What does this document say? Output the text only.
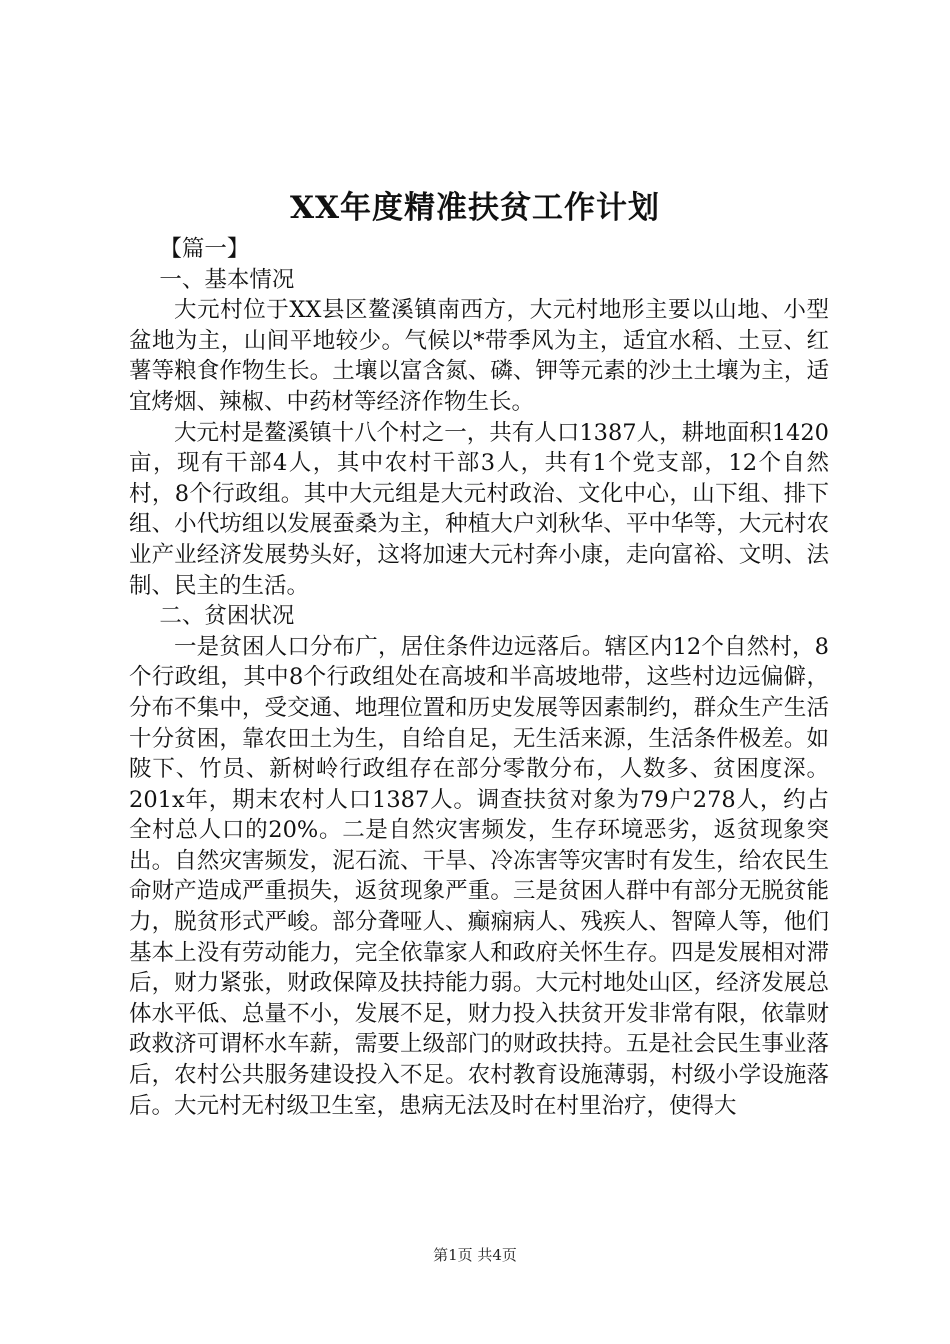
XX年度精准扶贫工作计划

【篇一】

一、基本情况

大元村位于XX县区鳌溪镇南西方，大元村地形主要以山地、小型盆地为主，山间平地较少。气候以*带季风为主，适宜水稻、土豆、红薯等粮食作物生长。土壤以富含氮、磷、钾等元素的沙土土壤为主，适宜烤烟、辣椒、中药材等经济作物生长。

大元村是鳌溪镇十八个村之一，共有人口1387人，耕地面积1420亩，现有干部4人，其中农村干部3人，共有1个党支部，12个自然村，8个行政组。其中大元组是大元村政治、文化中心，山下组、排下组、小代坊组以发展蚕桑为主，种植大户刘秋华、平中华等，大元村农业产业经济发展势头好，这将加速大元村奔小康，走向富裕、文明、法制、民主的生活。

二、贫困状况

一是贫困人口分布广，居住条件边远落后。辖区内12个自然村，8个行政组，其中8个行政组处在高坡和半高坡地带，这些村边远偏僻，分布不集中，受交通、地理位置和历史发展等因素制约，群众生产生活十分贫困，靠农田土为生，自给自足，无生活来源，生活条件极差。如陂下、竹员、新树岭行政组存在部分零散分布，人数多、贫困度深。201x年，期末农村人口1387人。调查扶贫对象为79户278人，约占全村总人口的20%。二是自然灾害频发，生存环境恶劣，返贫现象突出。自然灾害频发，泥石流、干旱、冷冻害等灾害时有发生，给农民生命财产造成严重损失，返贫现象严重。三是贫困人群中有部分无脱贫能力，脱贫形式严峻。部分聋哑人、癫痫病人、残疾人、智障人等，他们基本上没有劳动能力，完全依靠家人和政府关怀生存。四是发展相对滞后，财力紧张，财政保障及扶持能力弱。大元村地处山区，经济发展总体水平低、总量不小，发展不足，财力投入扶贫开发非常有限，依靠财政救济可谓杯水车薪，需要上级部门的财政扶持。五是社会民生事业落后，农村公共服务建设投入不足。农村教育设施薄弱，村级小学设施落后。大元村无村级卫生室，患病无法及时在村里治疗，使得大

第1页 共4页
